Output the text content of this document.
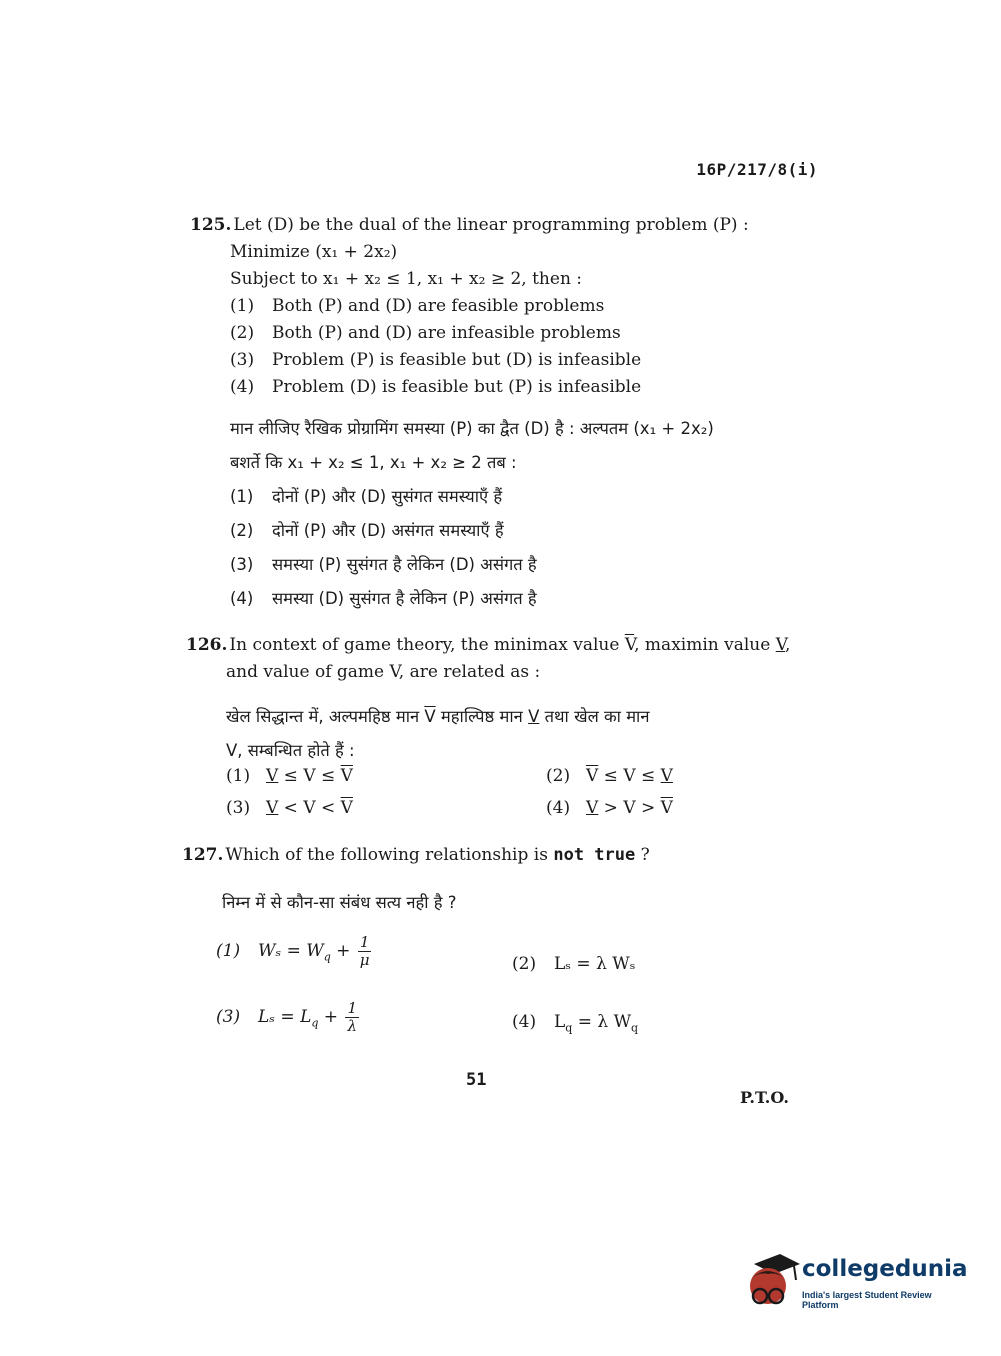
16P/217/8(i)
125. Let (D) be the dual of the linear programming problem (P) :
Minimize (x₁ + 2x₂)
Subject to x₁ + x₂ ≤ 1, x₁ + x₂ ≥ 2, then :
(1) Both (P) and (D) are feasible problems
(2) Both (P) and (D) are infeasible problems
(3) Problem (P) is feasible but (D) is infeasible
(4) Problem (D) is feasible but (P) is infeasible
मान लीजिए रैखिक प्रोग्रामिंग समस्या (P) का द्वैत (D) है : अल्पतम (x₁ + 2x₂)
बशर्ते कि x₁ + x₂ ≤ 1, x₁ + x₂ ≥ 2 तब :
(1) दोनों (P) और (D) सुसंगत समस्याएँ हैं
(2) दोनों (P) और (D) असंगत समस्याएँ हैं
(3) समस्या (P) सुसंगत है लेकिन (D) असंगत है
(4) समस्या (D) सुसंगत है लेकिन (P) असंगत है
126. In context of game theory, the minimax value $\overline{V}$, maximin value V,
and value of game V, are related as :
खेल सिद्धान्त में, अल्पमहिष्ठ मान $\overline{V}$ महाल्पिष्ठ मान V तथा खेल का मान
V, सम्बन्धित होते हैं :
(1) $V \le V \le \overline{V}$	(2) $\overline{V} \le V \le V$
(3) $V < V < \overline{V}$	(4) $V > V > \overline{V}$
127. Which of the following relationship is not true ?
निम्न में से कौन-सा संबंध सत्य नही है ?
(1) $W_s = W_q + \frac{1}{\mu}$	(2) Lₛ = λ Wₛ
(3) $L_s = L_q + \frac{1}{\lambda}$	(4) $L_q = \lambda$ $W_q$
51
P.T.O.
collegedunia
India's largest Student Review Platform
